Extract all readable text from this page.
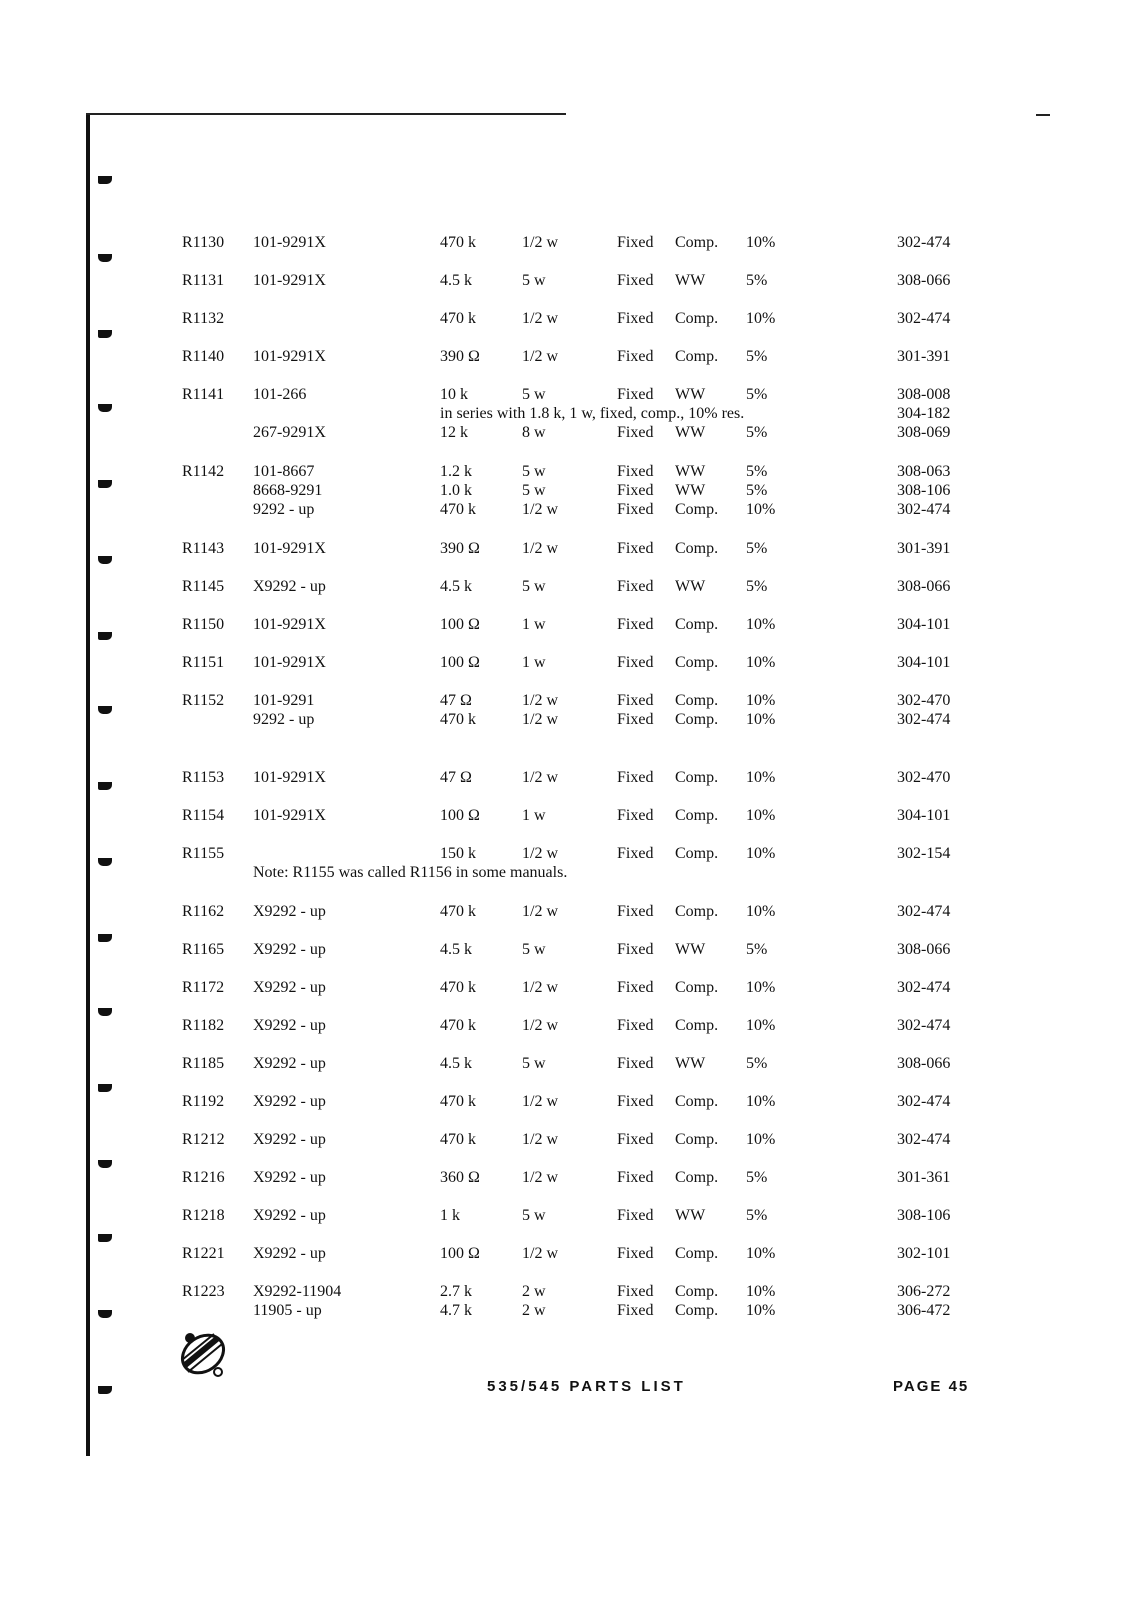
R1130 101-9291X	470 k	1/2 w	Fixed Comp. 10%	302-474
R1131 101-9291X	4.5 k	5 w	Fixed WW	5%	308-066
R1132	470 k	1/2 w	Fixed Comp. 10%	302-474
R1140 101-9291X	390 Ω	1/2 w	Fixed Comp. 5%	301-391
R1141 101-266	10 k	5 w	Fixed WW	5%	308-008
in series with 1.8 k, 1 w, fixed, comp., 10% res.	304-182
267-9291X	12 k	8 w	Fixed WW	5%	308-069
R1142 101-8667	1.2 k	5 w	Fixed WW	5%	308-063
8668-9291	1.0 k	5 w	Fixed WW	5%	308-106
9292 - up	470 k	1/2 w	Fixed Comp. 10%	302-474
R1143 101-9291X	390 Ω	1/2 w	Fixed Comp. 5%	301-391
R1145 X9292 - up	4.5 k	5 w	Fixed WW	5%	308-066
R1150 101-9291X	100 Ω	1 w	Fixed Comp. 10%	304-101
R1151 101-9291X	100 Ω	1 w	Fixed Comp. 10%	304-101
R1152 101-9291	47 Ω	1/2 w	Fixed Comp. 10%	302-470
9292 - up	470 k	1/2 w	Fixed Comp. 10%	302-474
R1153 101-9291X	47 Ω	1/2 w	Fixed Comp. 10%	302-470
R1154 101-9291X	100 Ω	1 w	Fixed Comp. 10%	304-101
R1155	150 k	1/2 w	Fixed Comp. 10%	302-154
Note: R1155 was called R1156 in some manuals.
R1162 X9292 - up	470 k	1/2 w	Fixed Comp. 10%	302-474
R1165 X9292 - up	4.5 k	5 w	Fixed WW	5%	308-066
R1172 X9292 - up	470 k	1/2 w	Fixed Comp. 10%	302-474
R1182 X9292 - up	470 k	1/2 w	Fixed Comp. 10%	302-474
R1185 X9292 - up	4.5 k	5 w	Fixed WW	5%	308-066
R1192 X9292 - up	470 k	1/2 w	Fixed Comp. 10%	302-474
R1212 X9292 - up	470 k	1/2 w	Fixed Comp. 10%	302-474
R1216 X9292 - up	360 Ω	1/2 w	Fixed Comp. 5%	301-361
R1218 X9292 - up	1 k	5 w	Fixed WW	5%	308-106
R1221 X9292 - up	100 Ω	1/2 w	Fixed Comp. 10%	302-101
R1223 X9292-11904	2.7 k	2 w	Fixed Comp. 10%	306-272
11905 - up	4.7 k	2 w	Fixed Comp. 10%	306-472
535/545 PARTS LIST	PAGE 45
